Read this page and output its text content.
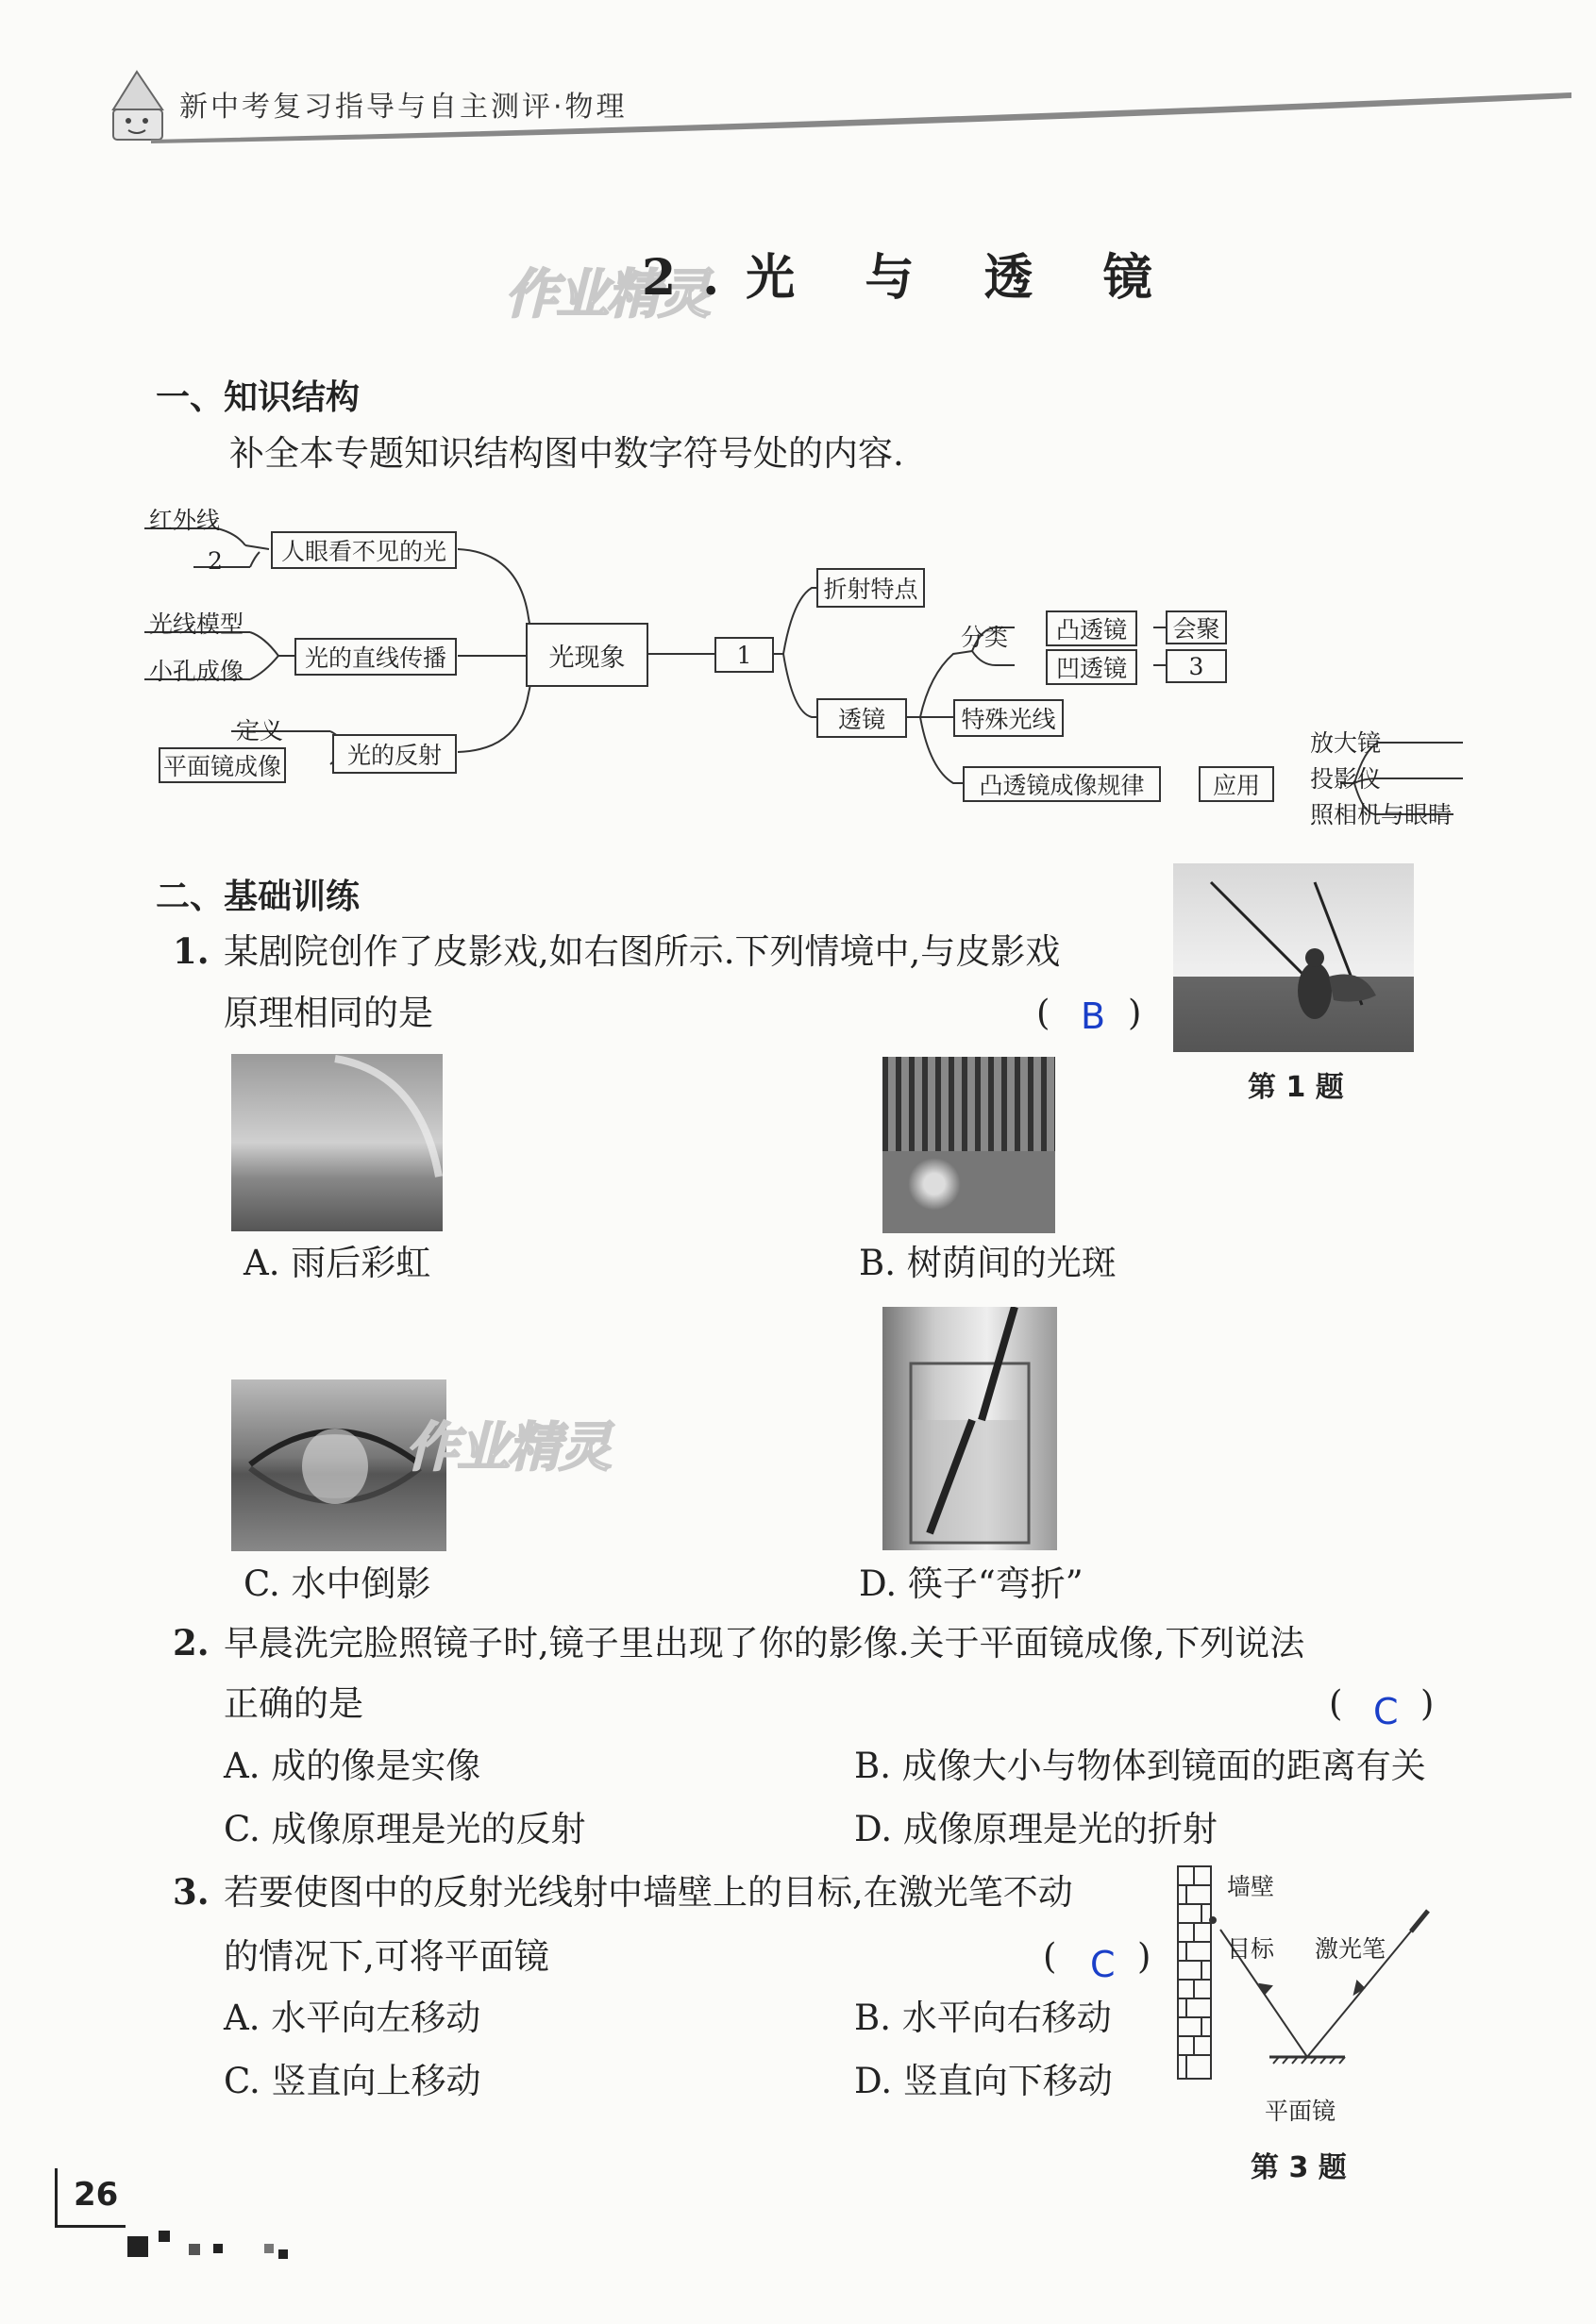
新中考复习指导与自主测评·物理
作业精灵
2.光 与 透 镜
一、知识结构
补全本专题知识结构图中数字符号处的内容.
红外线
2	人眼看不见的光
光线模型
小孔成像	光的直线传播
定义
平面镜成像	光的反射
光现象	1
折射特点
透镜
分类	凸透镜
凹透镜
会聚
3
特殊光线
凸透镜成像规律	应用
放大镜
投影仪
照相机与眼睛
二、基础训练
1. 某剧院创作了皮影戏,如右图所示.下列情境中,与皮影戏
原理相同的是	( B )
第 1 题
A. 雨后彩虹	B. 树荫间的光斑
C. 水中倒影
作业精灵
D. 筷子“弯折”
2. 早晨洗完脸照镜子时,镜子里出现了你的影像.关于平面镜成像,下列说法
正确的是	( C )
A. 成的像是实像	B. 成像大小与物体到镜面的距离有关
C. 成像原理是光的反射	D. 成像原理是光的折射
3. 若要使图中的反射光线射中墙壁上的目标,在激光笔不动
的情况下,可将平面镜	( C )
A. 水平向左移动	B. 水平向右移动
C. 竖直向上移动	D. 竖直向下移动
墙壁
目标 激光笔
平面镜
第 3 题
26
